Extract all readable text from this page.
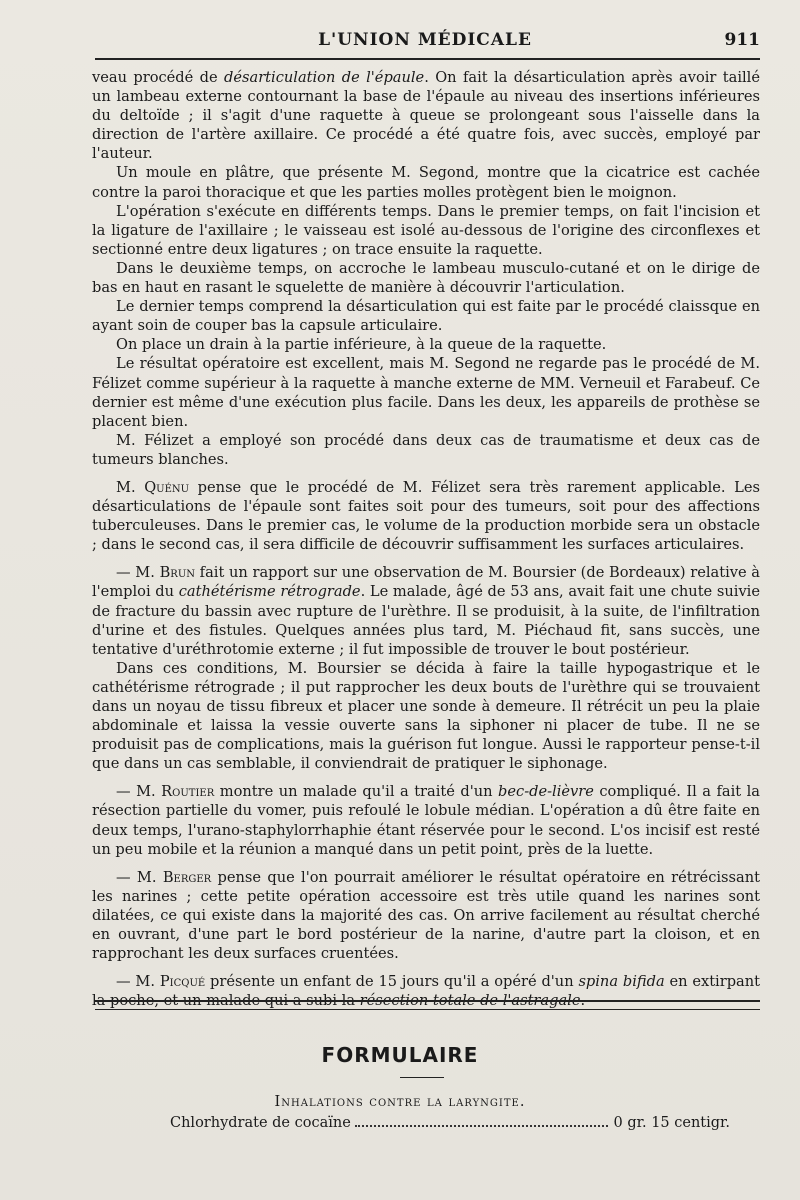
L'UNION MÉDICALE	911

veau procédé de désarticulation de l'épaule. On fait la désarticulation après avoir taillé un lambeau externe contournant la base de l'épaule au niveau des insertions inférieures du deltoïde ; il s'agit d'une raquette à queue se prolongeant sous l'aisselle dans la direction de l'artère axillaire. Ce procédé a été quatre fois, avec succès, employé par l'auteur.

Un moule en plâtre, que présente M. Segond, montre que la cicatrice est cachée contre la paroi thoracique et que les parties molles protègent bien le moignon.

L'opération s'exécute en différents temps. Dans le premier temps, on fait l'incision et la ligature de l'axillaire ; le vaisseau est isolé au-dessous de l'origine des circonflexes et sectionné entre deux ligatures ; on trace ensuite la raquette.

Dans le deuxième temps, on accroche le lambeau musculo-cutané et on le dirige de bas en haut en rasant le squelette de manière à découvrir l'articulation.

Le dernier temps comprend la désarticulation qui est faite par le procédé claissque en ayant soin de couper bas la capsule articulaire.

On place un drain à la partie inférieure, à la queue de la raquette.

Le résultat opératoire est excellent, mais M. Segond ne regarde pas le procédé de M. Félizet comme supérieur à la raquette à manche externe de MM. Verneuil et Farabeuf. Ce dernier est même d'une exécution plus facile. Dans les deux, les appareils de prothèse se placent bien.

M. Félizet a employé son procédé dans deux cas de traumatisme et deux cas de tumeurs blanches.

M. Quénu pense que le procédé de M. Félizet sera très rarement applicable. Les désarticulations de l'épaule sont faites soit pour des tumeurs, soit pour des affections tuberculeuses. Dans le premier cas, le volume de la production morbide sera un obstacle ; dans le second cas, il sera difficile de découvrir suffisamment les surfaces articulaires.

— M. Brun fait un rapport sur une observation de M. Boursier (de Bordeaux) relative à l'emploi du cathétérisme rétrograde. Le malade, âgé de 53 ans, avait fait une chute suivie de fracture du bassin avec rupture de l'urèthre. Il se produisit, à la suite, de l'infiltration d'urine et des fistules. Quelques années plus tard, M. Piéchaud fit, sans succès, une tentative d'uréthrotomie externe ; il fut impossible de trouver le bout postérieur.

Dans ces conditions, M. Boursier se décida à faire la taille hypogastrique et le cathétérisme rétrograde ; il put rapprocher les deux bouts de l'urèthre qui se trouvaient dans un noyau de tissu fibreux et placer une sonde à demeure. Il rétrécit un peu la plaie abdominale et laissa la vessie ouverte sans la siphoner ni placer de tube. Il ne se produisit pas de complications, mais la guérison fut longue. Aussi le rapporteur pense-t-il que dans un cas semblable, il conviendrait de pratiquer le siphonage.

— M. Routier montre un malade qu'il a traité d'un bec-de-lièvre compliqué. Il a fait la résection partielle du vomer, puis refoulé le lobule médian. L'opération a dû être faite en deux temps, l'urano-staphylorrhaphie étant réservée pour le second. L'os incisif est resté un peu mobile et la réunion a manqué dans un petit point, près de la luette.

— M. Berger pense que l'on pourrait améliorer le résultat opératoire en rétrécissant les narines ; cette petite opération accessoire est très utile quand les narines sont dilatées, ce qui existe dans la majorité des cas. On arrive facilement au résultat cherché en ouvrant, d'une part le bord postérieur de la narine, d'autre part la cloison, et en rapprochant les deux surfaces cruentées.

— M. Picqué présente un enfant de 15 jours qu'il a opéré d'un spina bifida en extirpant la poche, et un malade qui a subi la résection totale de l'astragale.

FORMULAIRE
Inhalations contre la laryngite.
Chlorhydrate de cocaïne	0 gr. 15 centigr.
